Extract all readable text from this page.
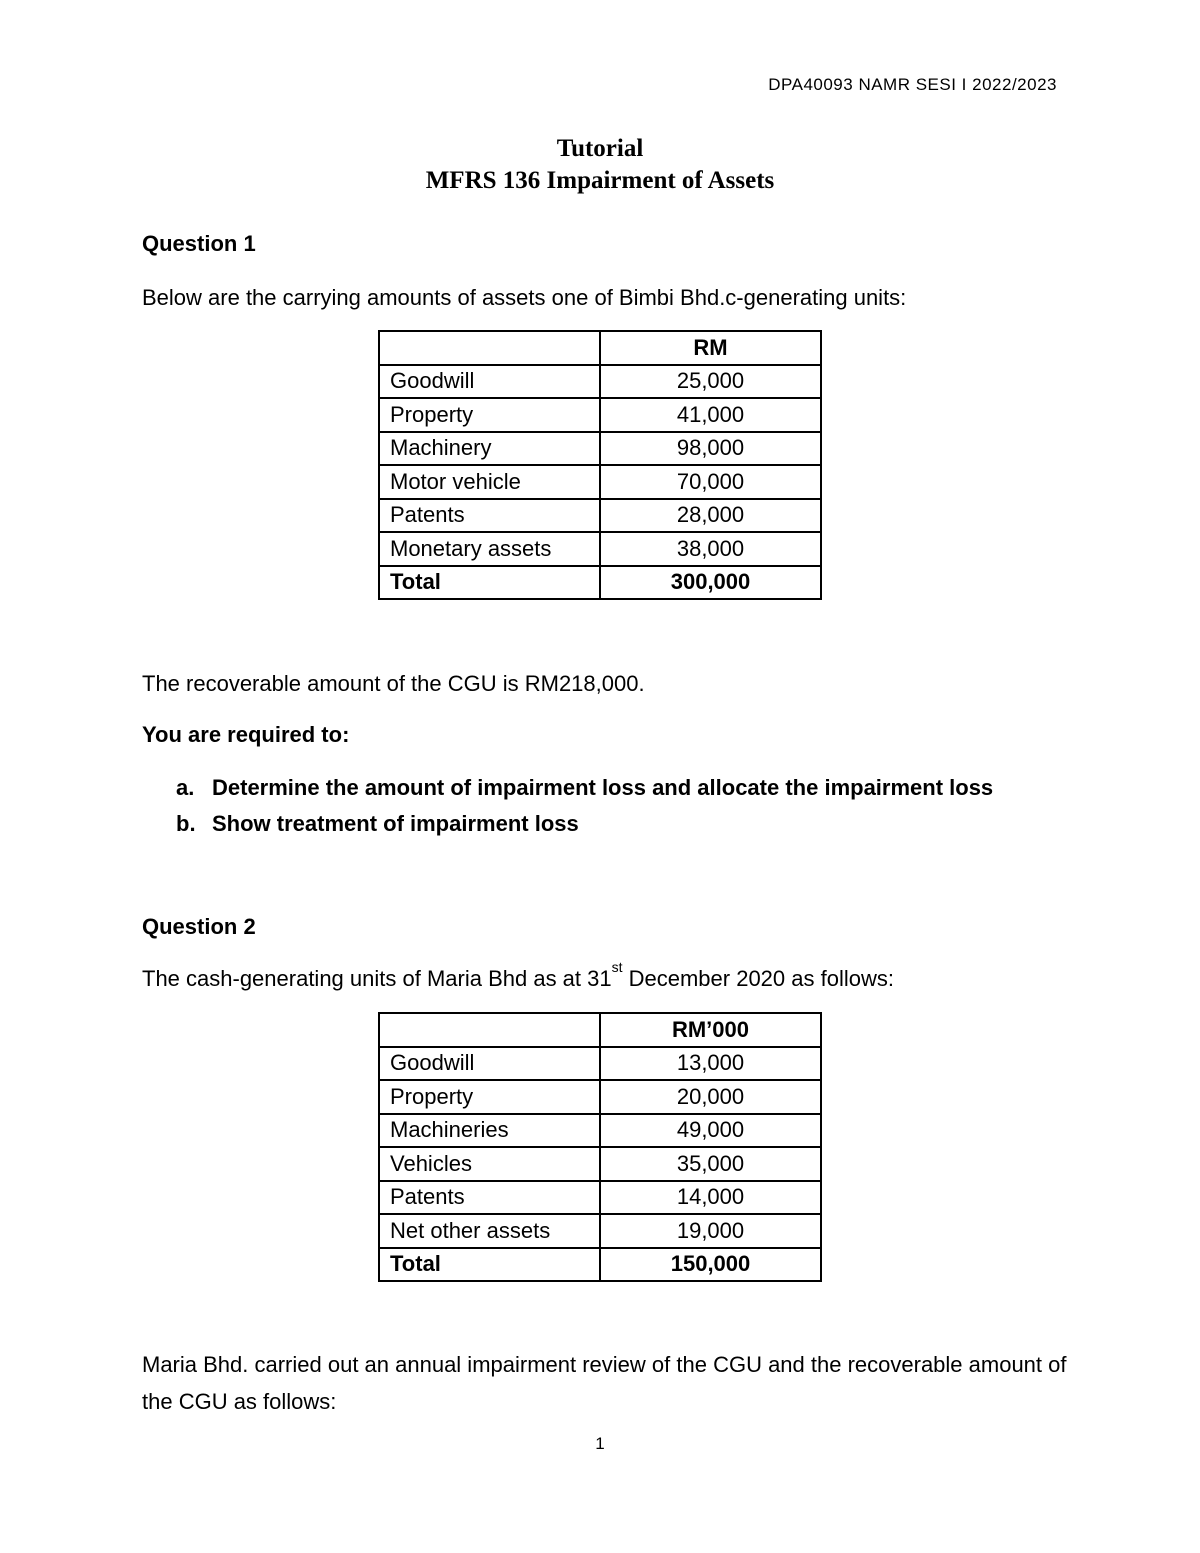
DPA40093 NAMR SESI I 2022/2023
Tutorial
MFRS 136 Impairment of Assets
Question 1
Below are the carrying amounts of assets one of Bimbi Bhd.c-generating units:
	RM
Goodwill	25,000
Property	41,000
Machinery	98,000
Motor vehicle	70,000
Patents	28,000
Monetary assets	38,000
Total	300,000
The recoverable amount of the CGU is RM218,000.
You are required to:
a. Determine the amount of impairment loss and allocate the impairment loss
b. Show treatment of impairment loss
Question 2
The cash-generating units of Maria Bhd as at 31st December 2020 as follows:
	RM’000
Goodwill	13,000
Property	20,000
Machineries	49,000
Vehicles	35,000
Patents	14,000
Net other assets	19,000
Total	150,000
Maria Bhd. carried out an annual impairment review of the CGU and the recoverable amount of the CGU as follows:
1
